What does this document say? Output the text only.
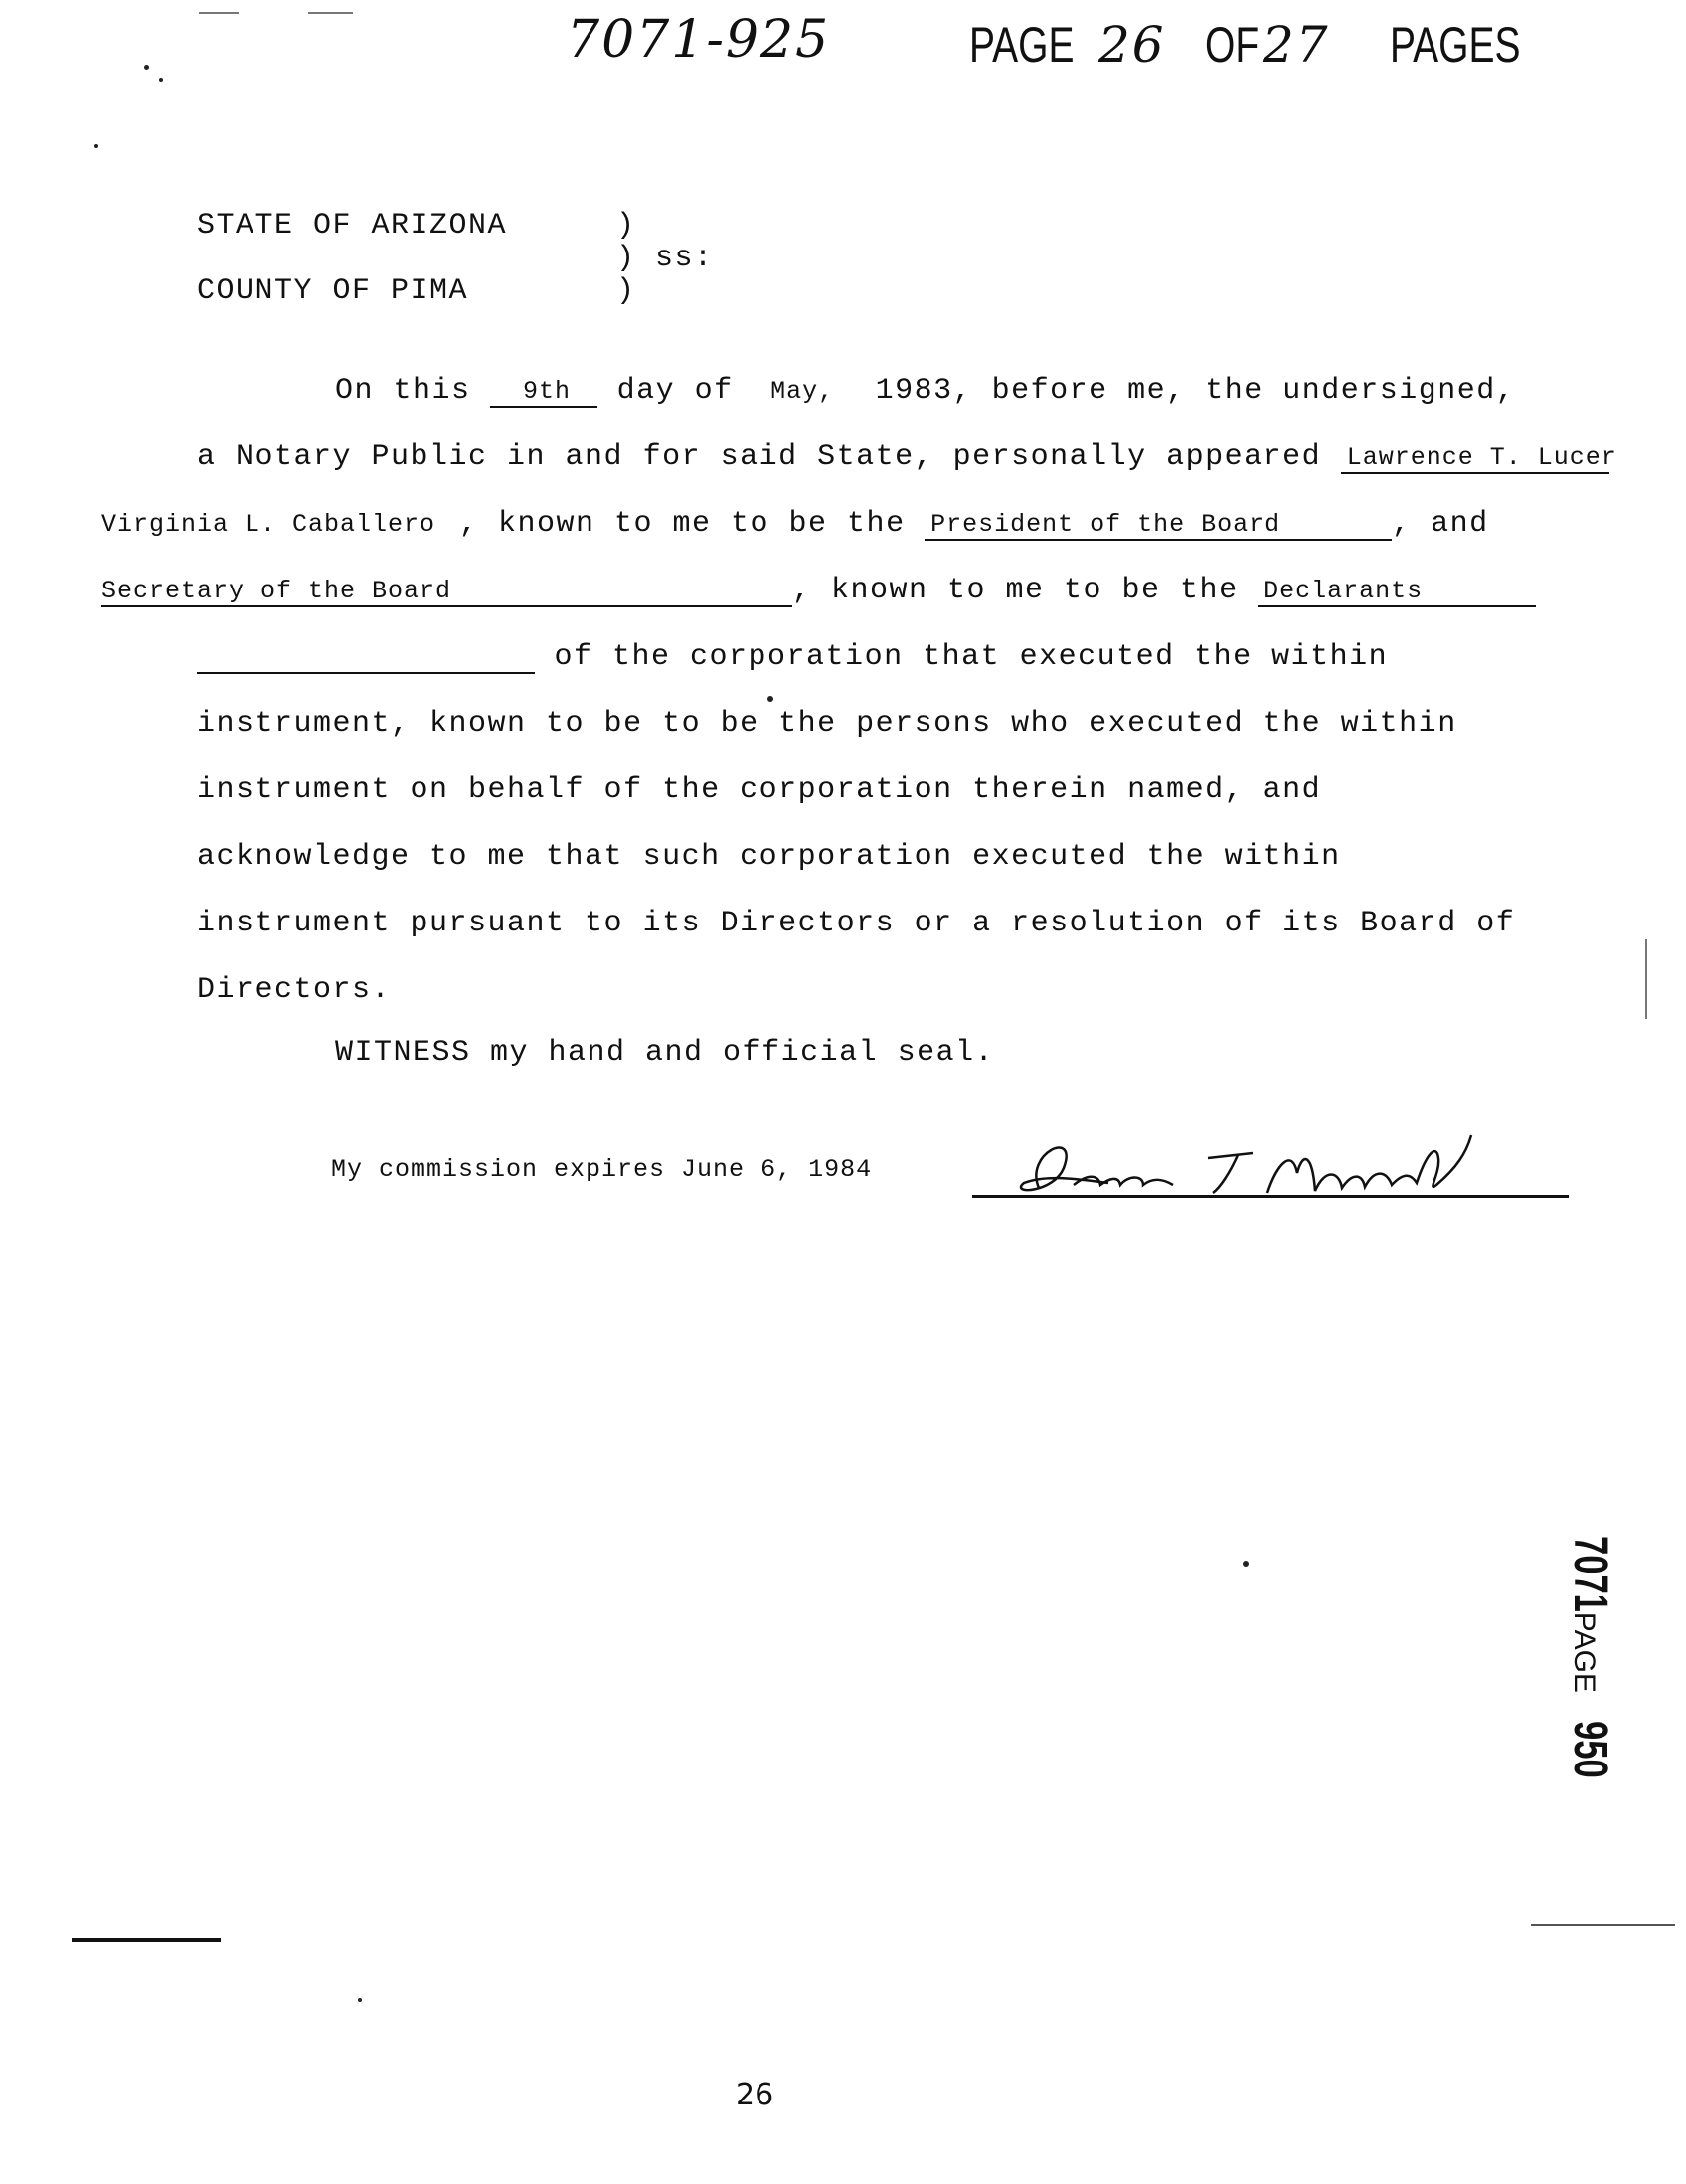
7071-925	PAGE 26 OF 27 PAGES
STATE OF ARIZONA	)
) ss:
COUNTY OF PIMA	)
On this 9th day of May, 1983, before me, the undersigned,
a Notary Public in and for said State, personally appeared Lawrence T. Lucer
Virginia L. Caballero , known to me to be the President of the Board	, and
Secretary of the Board	, known to me to be the Declarants
of the corporation that executed the within
instrument, known to be to be the persons who executed the within
instrument on behalf of the corporation therein named, and
acknowledge to me that such corporation executed the within
instrument pursuant to its Directors or a resolution of its Board of
Directors.
WITNESS my hand and official seal.
My commission expires June 6, 1984
7071 PAGE 950
26
